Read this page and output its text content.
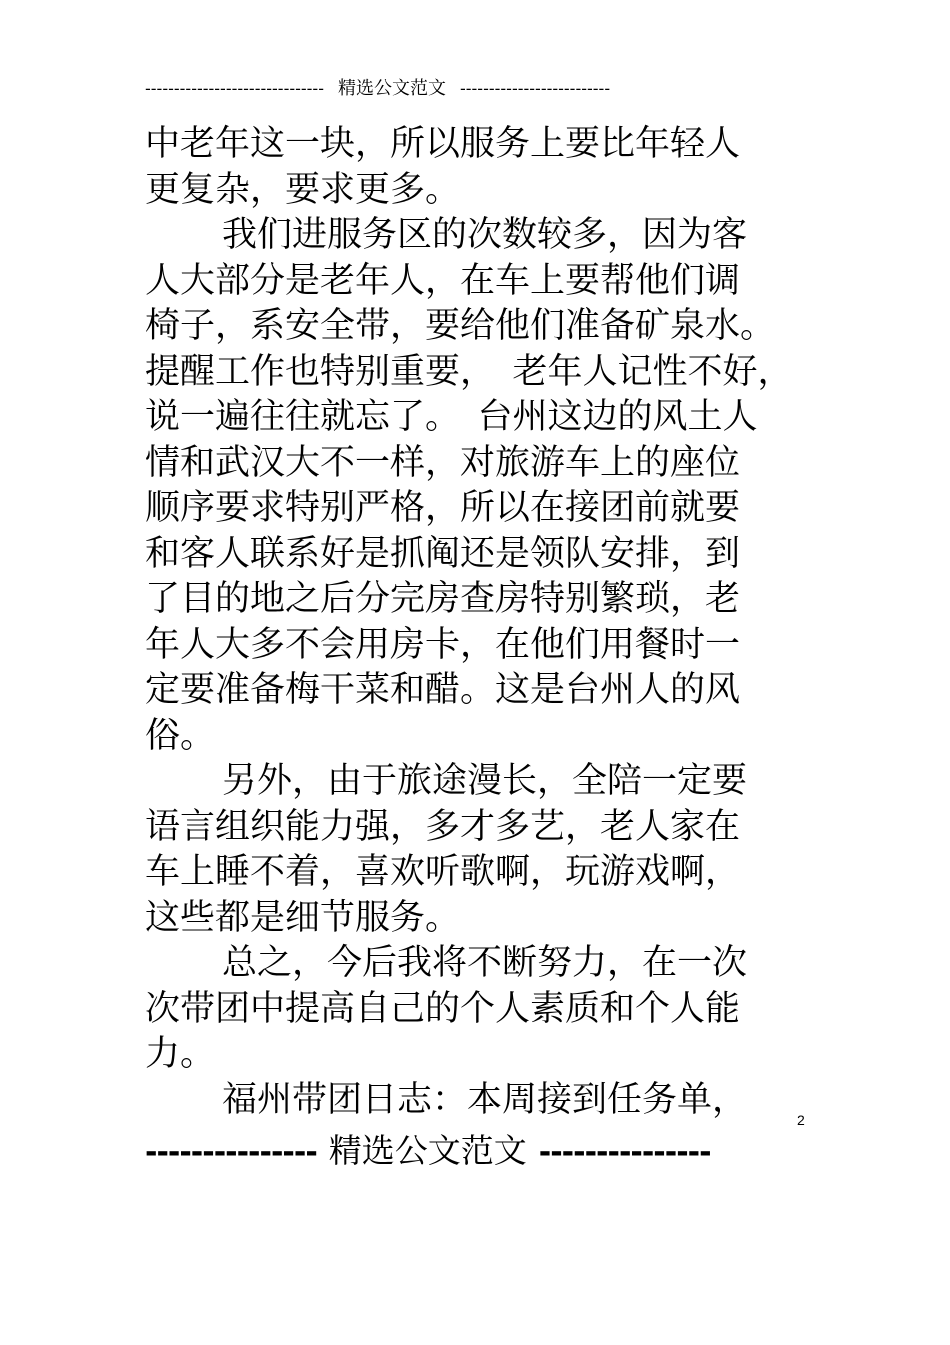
------------------------------- 精选公文范文 --------------------------

中老年这一块，所以服务上要比年轻人
更复杂，要求更多。

我们进服务区的次数较多，因为客
人大部分是老年人，在车上要帮他们调
椅子，系安全带，要给他们准备矿泉水。
提醒工作也特别重要，　老年人记性不好，
说一遍往往就忘了。　台州这边的风土人
情和武汉大不一样，对旅游车上的座位
顺序要求特别严格，所以在接团前就要
和客人联系好是抓阄还是领队安排，到
了目的地之后分完房查房特别繁琐，老
年人大多不会用房卡，在他们用餐时一
定要准备梅干菜和醋。这是台州人的风
俗。

另外，由于旅途漫长，全陪一定要
语言组织能力强，多才多艺，老人家在
车上睡不着，喜欢听歌啊，玩游戏啊，
这些都是细节服务。

总之，今后我将不断努力，在一次
次带团中提高自己的个人素质和个人能
力。

福州带团日志：本周接到任务单，

2
--------------- 精选公文范文 ---------------
